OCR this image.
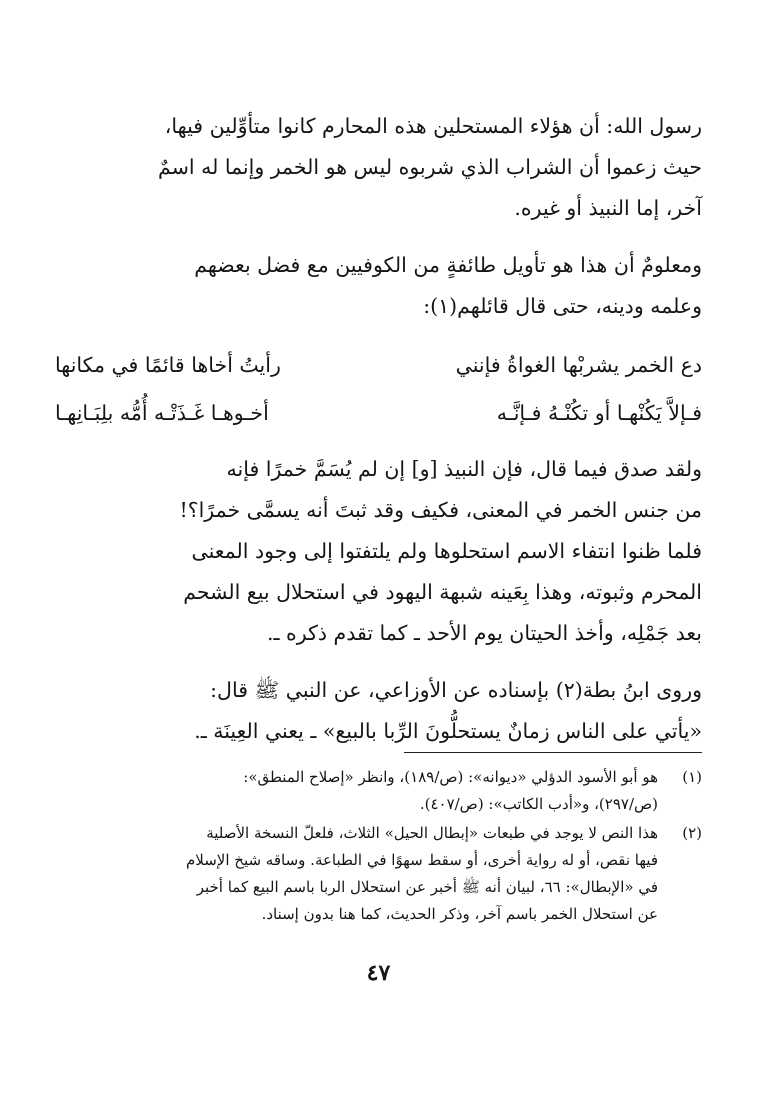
رسول الله: أن هؤلاء المستحلين هذه المحارم كانوا متأوِّلين فيها،
حيث زعموا أن الشراب الذي شربوه ليس هو الخمر وإنما له اسمٌ
آخر، إما النبيذ أو غيره.

ومعلومٌ أن هذا هو تأويل طائفةٍ من الكوفيين مع فضل بعضهم
وعلمه ودينه، حتى قال قائلهم(١):

دع الخمر يشربْها الغواةُ فإنني
رأيتُ أخاها قائمًا في مكانها
فـإلاَّ يَكُنْهـا أو تكُنْـهُ فـإنَّـه
أخـوهـا غَـذَتْـه أُمُّه بلِبَـانِهـا

ولقد صدق فيما قال، فإن النبيذ [و] إن لم يُسَمَّ خمرًا فإنه
من جنس الخمر في المعنى، فكيف وقد ثبتَ أنه يسمَّى خمرًا؟!
فلما ظنوا انتفاء الاسم استحلوها ولم يلتفتوا إلى وجود المعنى
المحرم وثبوته، وهذا بِعَينه شبهة اليهود في استحلال بيع الشحم
بعد جَمْلِه، وأخذ الحيتان يوم الأحد ـ كما تقدم ذكره ـ.

وروى ابنُ بطة(٢) بإسناده عن الأوزاعي، عن النبي ﷺ قال:
«يأتي على الناس زمانٌ يستحلُّونَ الرِّبا بالبيع» ـ يعني العِينَة ـ.

(١)
هو أبو الأسود الدؤلي «ديوانه»: (ص/١٨٩)، وانظر «إصلاح المنطق»:
(ص/٢٩٧)، و«أدب الكاتب»: (ص/٤٠٧).
(٢)
هذا النص لا يوجد في طبعات «إبطال الحيل» الثلاث، فلعلّ النسخة الأصلية
فيها نقص، أو له رواية أخرى، أو سقط سهوًا في الطباعة. وساقه شيخ الإسلام
في «الإبطال»: ٦٦، لبيان أنه ﷺ أخبر عن استحلال الربا باسم البيع كما أخبر
عن استحلال الخمر باسم آخر، وذكر الحديث، كما هنا بدون إسناد.
٤٧
